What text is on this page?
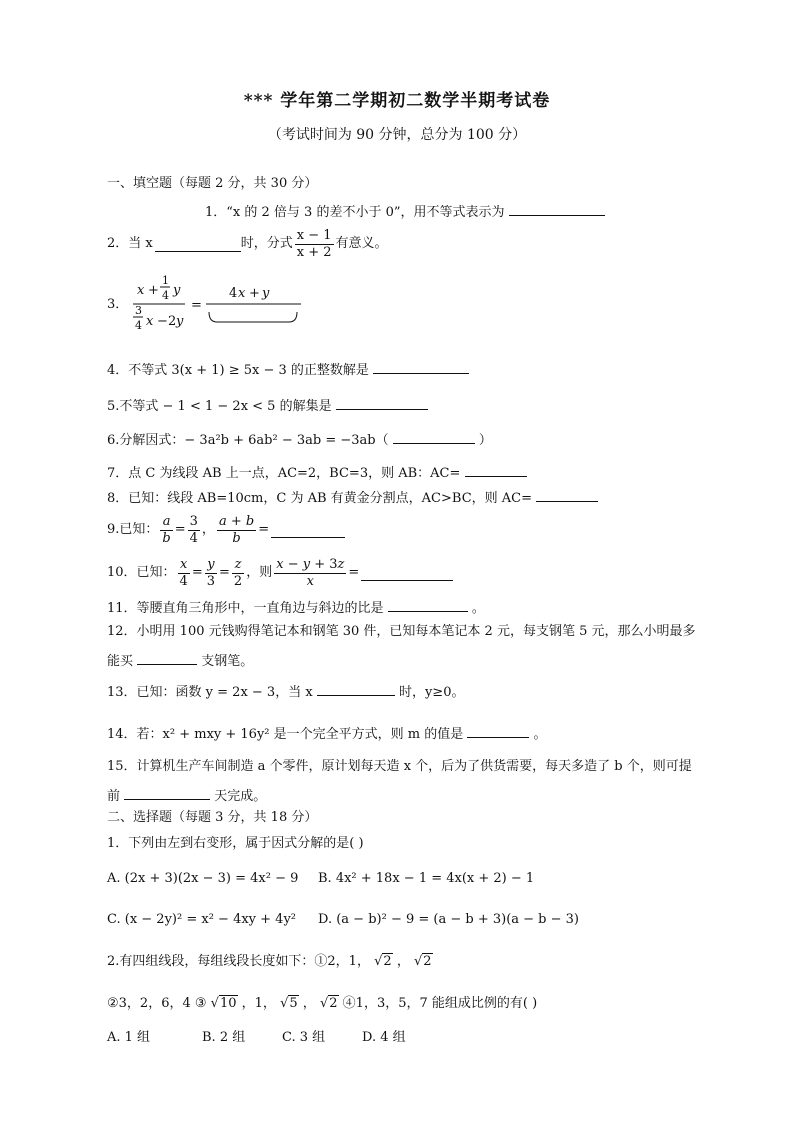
*** 学年第二学期初二数学半期考试卷
（考试时间为 90 分钟，总分为 100 分）
一、填空题（每题 2 分，共 30 分）
1．“x 的 2 倍与 3 的差不小于 0”，用不等式表示为
2．当 x	时，分式 $\frac{x - 1}{x + 2}$ 有意义。
3．
x +
1
4 y
3
4 x − 2 y
=
4 x + y
4．不等式 3(x + 1) ≥ 5x − 3 的正整数解是
5.不等式 − 1 < 1 − 2x < 5 的解集是
6.分解因式：− 3a²b + 6ab² − 3ab = −3ab（	）
7．点 C 为线段 AB 上一点，AC=2，BC=3，则 AB：AC=
8．已知：线段 AB=10cm，C 为 AB 有黄金分割点，AC>BC，则 AC=
9.已知： $\frac{a}{b} = \frac{3}{4}$ ， $\frac{a + b}{b}$ =
10．已知： $\frac{x}{4} = \frac{y}{3} = \frac{z}{2}$ ，则 $\frac{x - y + 3z}{x}$ =
11．等腰直角三角形中，一直角边与斜边的比是	。
12．小明用 100 元钱购得笔记本和钢笔 30 件，已知每本笔记本 2 元，每支钢笔 5 元，那么小明最多
能买	支钢笔。
13．已知：函数 y = 2x − 3，当 x	时，y≥0。
14．若：x² + mxy + 16y² 是一个完全平方式，则 m 的值是	。
15．计算机生产车间制造 a 个零件，原计划每天造 x 个，后为了供货需要，每天多造了 b 个，则可提
前	天完成。
二、选择题（每题 3 分，共 18 分）
1．下列由左到右变形，属于因式分解的是( )
A. (2x + 3)(2x − 3) = 4x² − 9 B. 4x² + 18x − 1 = 4x(x + 2) − 1
C. (x − 2y)² = x² − 4xy + 4y² D. (a − b)² − 9 = (a − b + 3)(a − b − 3)
2.有四组线段，每组线段长度如下：①2，1， √2 ， √2
②3，2，6，4 ③ √10 ，1， √5 ， √2 ④1，3，5，7 能组成比例的有( )
A. 1 组	B. 2 组	C. 3 组	D. 4 组
